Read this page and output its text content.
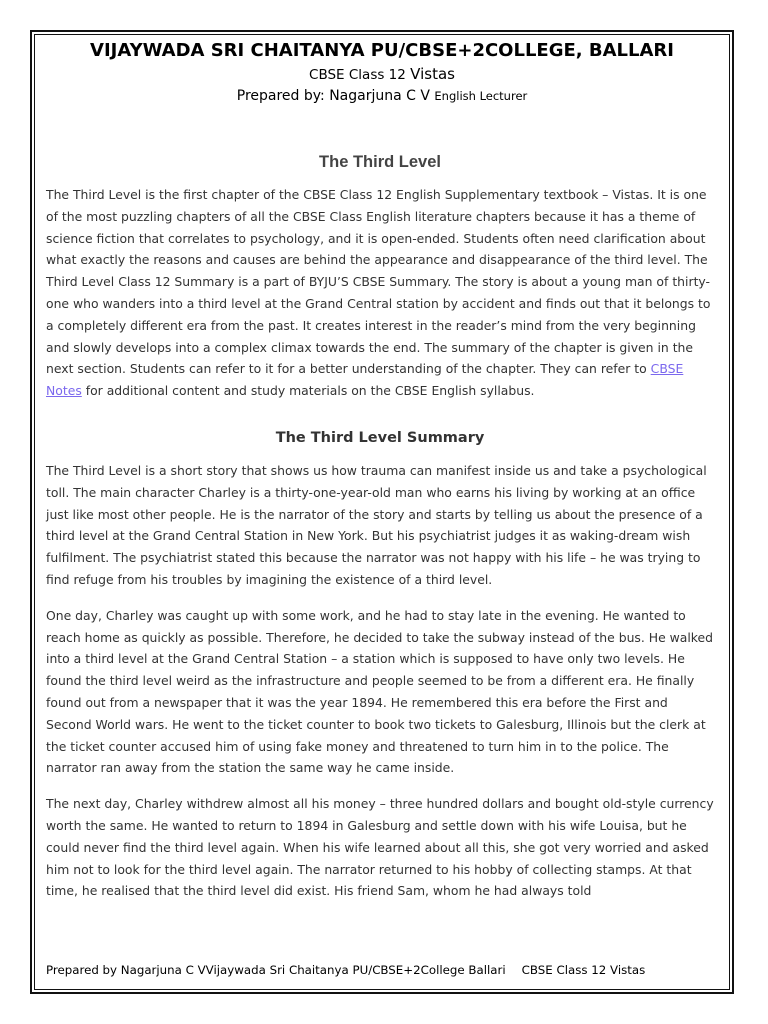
VIJAYWADA SRI CHAITANYA PU/CBSE+2COLLEGE, BALLARI
CBSE Class 12 Vistas
Prepared by: Nagarjuna C V English Lecturer
The Third Level

The Third Level is the first chapter of the CBSE Class 12 English Supplementary textbook – Vistas. It is one of the most puzzling chapters of all the CBSE Class English literature chapters because it has a theme of science fiction that correlates to psychology, and it is open-ended. Students often need clarification about what exactly the reasons and causes are behind the appearance and disappearance of the third level. The Third Level Class 12 Summary is a part of BYJU’S CBSE Summary. The story is about a young man of thirty-one who wanders into a third level at the Grand Central station by accident and finds out that it belongs to a completely different era from the past. It creates interest in the reader’s mind from the very beginning and slowly develops into a complex climax towards the end. The summary of the chapter is given in the next section. Students can refer to it for a better understanding of the chapter. They can refer to CBSE Notes for additional content and study materials on the CBSE English syllabus.

The Third Level Summary

The Third Level is a short story that shows us how trauma can manifest inside us and take a psychological toll. The main character Charley is a thirty-one-year-old man who earns his living by working at an office just like most other people. He is the narrator of the story and starts by telling us about the presence of a third level at the Grand Central Station in New York. But his psychiatrist judges it as waking-dream wish fulfilment. The psychiatrist stated this because the narrator was not happy with his life – he was trying to find refuge from his troubles by imagining the existence of a third level.

One day, Charley was caught up with some work, and he had to stay late in the evening. He wanted to reach home as quickly as possible. Therefore, he decided to take the subway instead of the bus. He walked into a third level at the Grand Central Station – a station which is supposed to have only two levels. He found the third level weird as the infrastructure and people seemed to be from a different era. He finally found out from a newspaper that it was the year 1894. He remembered this era before the First and Second World wars. He went to the ticket counter to book two tickets to Galesburg, Illinois but the clerk at the ticket counter accused him of using fake money and threatened to turn him in to the police. The narrator ran away from the station the same way he came inside.

The next day, Charley withdrew almost all his money – three hundred dollars and bought old-style currency worth the same. He wanted to return to 1894 in Galesburg and settle down with his wife Louisa, but he could never find the third level again. When his wife learned about all this, she got very worried and asked him not to look for the third level again. The narrator returned to his hobby of collecting stamps. At that time, he realised that the third level did exist. His friend Sam, whom he had always told

Prepared by Nagarjuna C VVijaywada Sri Chaitanya PU/CBSE+2College Ballari CBSE Class 12 Vistas
